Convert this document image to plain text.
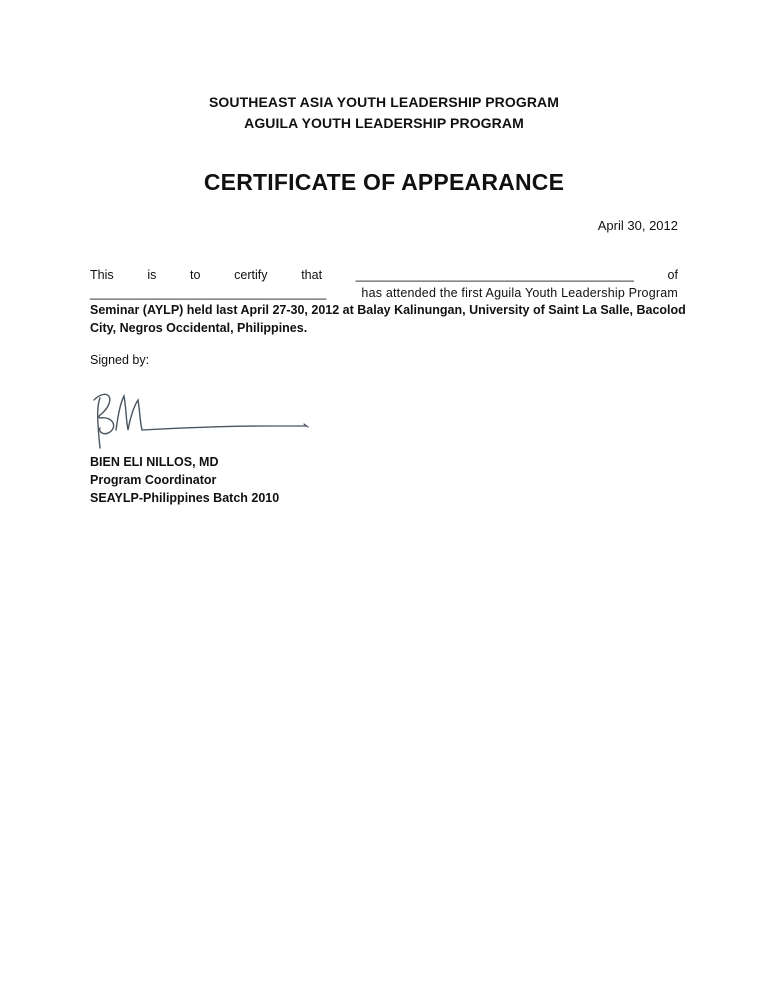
SOUTHEAST ASIA YOUTH LEADERSHIP PROGRAM
AGUILA YOUTH LEADERSHIP PROGRAM
CERTIFICATE OF APPEARANCE
April 30, 2012
This	is	to	certify	that	________________________________________	of
__________________________________	has attended the first Aguila Youth Leadership Program
Seminar (AYLP) held last April 27-30, 2012 at Balay Kalinungan, University of Saint La Salle, Bacolod
City, Negros Occidental, Philippines.
Signed by:
BIEN ELI NILLOS, MD
Program Coordinator
SEAYLP-Philippines Batch 2010
